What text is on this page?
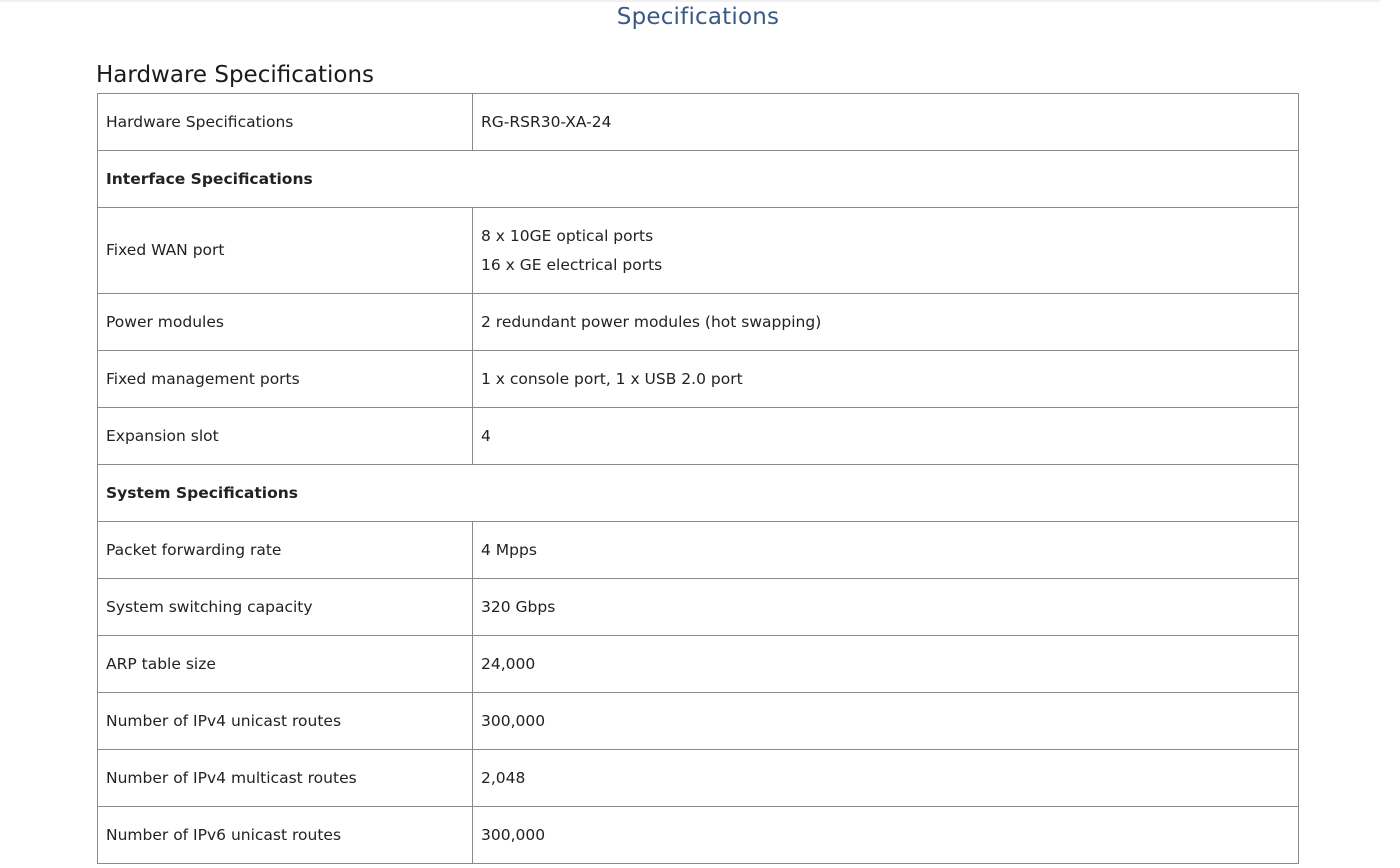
Specifications
Hardware Specifications
Hardware Specifications	RG-RSR30-XA-24
Interface Specifications	
Fixed WAN port	8 x 10GE optical ports
16 x GE electrical ports

Power modules	2 redundant power modules (hot swapping)
Fixed management ports	1 x console port, 1 x USB 2.0 port
Expansion slot	4
System Specifications	
Packet forwarding rate	4 Mpps
System switching capacity	320 Gbps
ARP table size	24,000
Number of IPv4 unicast routes	300,000
Number of IPv4 multicast routes	2,048
Number of IPv6 unicast routes	300,000
